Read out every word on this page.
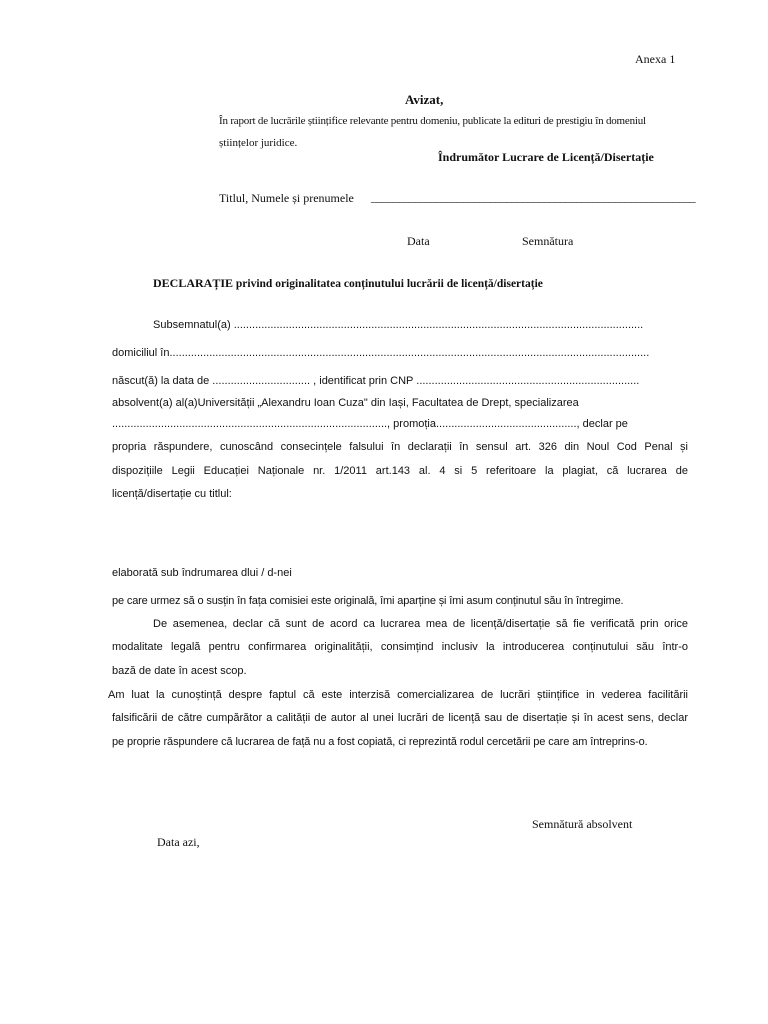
Anexa 1
Avizat,
În raport de lucrările științifice relevante pentru domeniu, publicate la edituri de prestigiu în domeniul
științelor juridice.
Îndrumător Lucrare de Licență/Disertație
Titlul, Numele și prenumele ____________________________________________________________
Data	Semnătura
DECLARAȚIE privind originalitatea conținutului lucrării de licență/disertație
Subsemnatul(a) ......................................................................................................................................
domiciliul în.............................................................................................................................................................
născut(ă) la data de ................................ , identificat prin CNP .........................................................................
absolvent(a) al(a)Universității „Alexandru Ioan Cuza" din Iași, Facultatea de Drept, specializarea
.........................................................................................., promoția.............................................., declar pe
propria răspundere, cunoscând consecințele falsului în declarații în sensul art. 326 din Noul Cod Penal și
dispozițiile Legii Educației Naționale nr. 1/2011 art.143 al. 4 si 5 referitoare la plagiat, că lucrarea de
licență/disertație cu titlul:
elaborată sub îndrumarea dlui / d-nei
pe care urmez să o susțin în fața comisiei este originală, îmi aparține și îmi asum conținutul său în întregime.
De asemenea, declar că sunt de acord ca lucrarea mea de licență/disertație să fie verificată prin orice
modalitate legală pentru confirmarea originalității, consimțind inclusiv la introducerea conținutului său într-o
bază de date în acest scop.
Am luat la cunoștință despre faptul că este interzisă comercializarea de lucrări științifice in vederea facilitării
falsificării de către cumpărător a calității de autor al unei lucrări de licență sau de disertație și în acest sens, declar
pe proprie răspundere că lucrarea de față nu a fost copiată, ci reprezintă rodul cercetării pe care am întreprins-o.
Semnătură absolvent
Data azi,
